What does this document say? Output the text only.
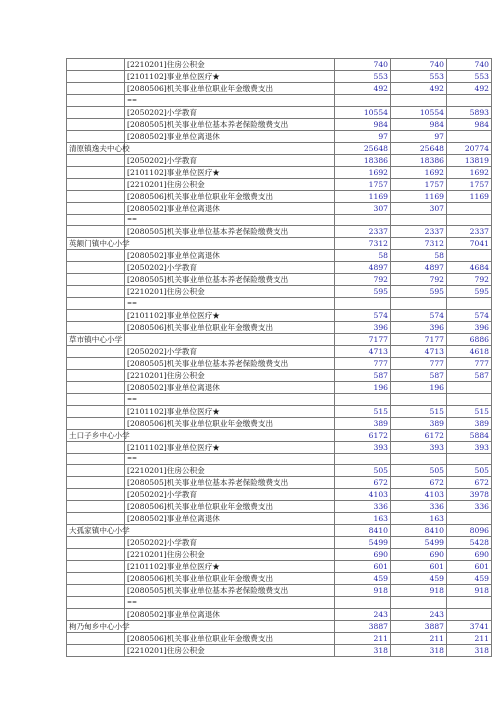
	[2210201]住房公积金	740	740	740
	[2101102]事业单位医疗★	553	553	553
	[2080506]机关事业单位职业年金缴费支出	492	492	492
	==			
	[2050202]小学教育	10554	10554	5893
	[2080505]机关事业单位基本养老保险缴费支出	984	984	984
	[2080502]事业单位离退休	97	97	
清原镇逸夫中心校		25648	25648	20774
	[2050202]小学教育	18386	18386	13819
	[2101102]事业单位医疗★	1692	1692	1692
	[2210201]住房公积金	1757	1757	1757
	[2080506]机关事业单位职业年金缴费支出	1169	1169	1169
	[2080502]事业单位离退休	307	307	
	==			
	[2080505]机关事业单位基本养老保险缴费支出	2337	2337	2337
英额门镇中心小学		7312	7312	7041
	[2080502]事业单位离退休	58	58	
	[2050202]小学教育	4897	4897	4684
	[2080505]机关事业单位基本养老保险缴费支出	792	792	792
	[2210201]住房公积金	595	595	595
	==			
	[2101102]事业单位医疗★	574	574	574
	[2080506]机关事业单位职业年金缴费支出	396	396	396
草市镇中心小学		7177	7177	6886
	[2050202]小学教育	4713	4713	4618
	[2080505]机关事业单位基本养老保险缴费支出	777	777	777
	[2210201]住房公积金	587	587	587
	[2080502]事业单位离退休	196	196	
	==			
	[2101102]事业单位医疗★	515	515	515
	[2080506]机关事业单位职业年金缴费支出	389	389	389
土口子乡中心小学		6172	6172	5884
	[2101102]事业单位医疗★	393	393	393
	==			
	[2210201]住房公积金	505	505	505
	[2080505]机关事业单位基本养老保险缴费支出	672	672	672
	[2050202]小学教育	4103	4103	3978
	[2080506]机关事业单位职业年金缴费支出	336	336	336
	[2080502]事业单位离退休	163	163	
大孤家镇中心小学		8410	8410	8096
	[2050202]小学教育	5499	5499	5428
	[2210201]住房公积金	690	690	690
	[2101102]事业单位医疗★	601	601	601
	[2080506]机关事业单位职业年金缴费支出	459	459	459
	[2080505]机关事业单位基本养老保险缴费支出	918	918	918
	==			
	[2080502]事业单位离退休	243	243	
枸乃甸乡中心小学		3887	3887	3741
	[2080506]机关事业单位职业年金缴费支出	211	211	211
	[2210201]住房公积金	318	318	318
